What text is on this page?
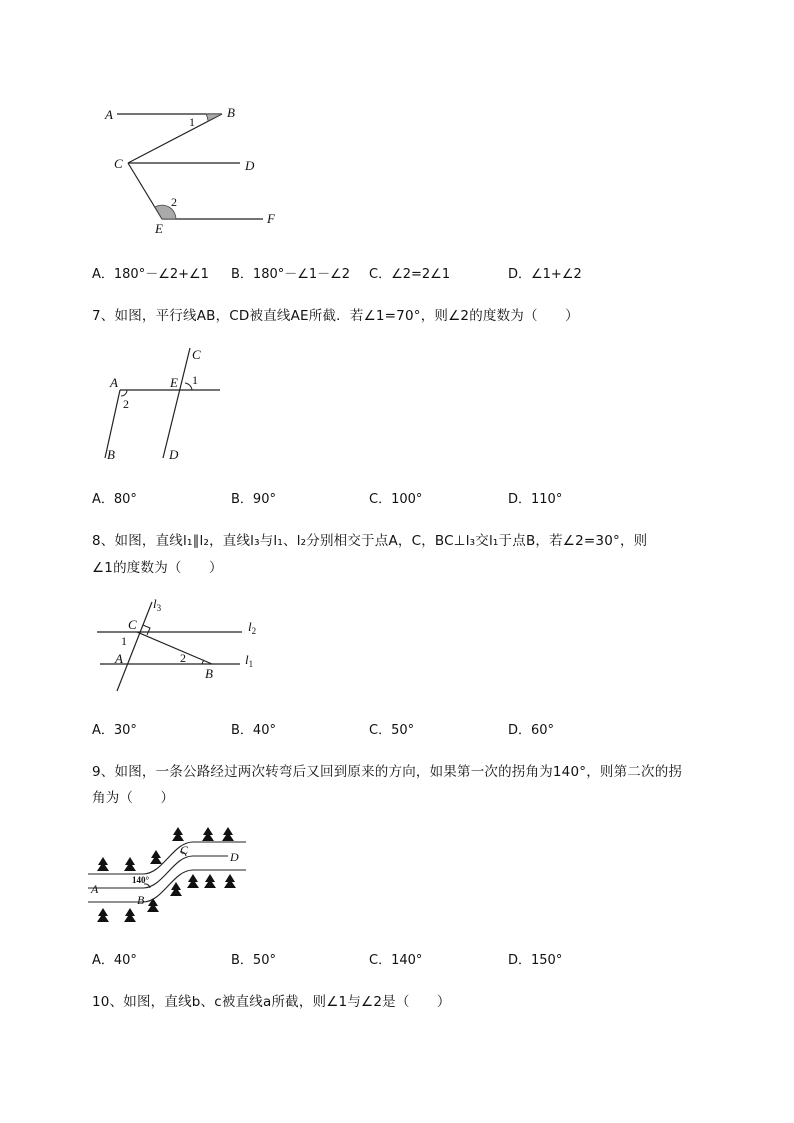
A	B
C	D
E
F
1
2
A．180°－∠2+∠1 B．180°－∠1－∠2 C．∠2=2∠1	D．∠1+∠2
7、如图，平行线AB，CD被直线AE所截．若∠1=70°，则∠2的度数为（　　）
A
B
C
D
E 1
2
A．80°	B．90°	C．100°	D．110°
8、如图，直线l₁∥l₂，直线l₃与l₁、l₂分别相交于点A，C，BC⊥l₃交l₁于点B，若∠2=30°，则
∠1的度数为（　　）
$l_3$
$l_2$
$l_1$
C
A
B
1
2
A．30°	B．40°	C．50°	D．60°
9、如图，一条公路经过两次转弯后又回到原来的方向，如果第一次的拐角为140°，则第二次的拐
角为（　　）
A
B
C	D
140°
A．40°	B．50°	C．140°	D．150°
10、如图，直线b、c被直线a所截，则∠1与∠2是（　　）
